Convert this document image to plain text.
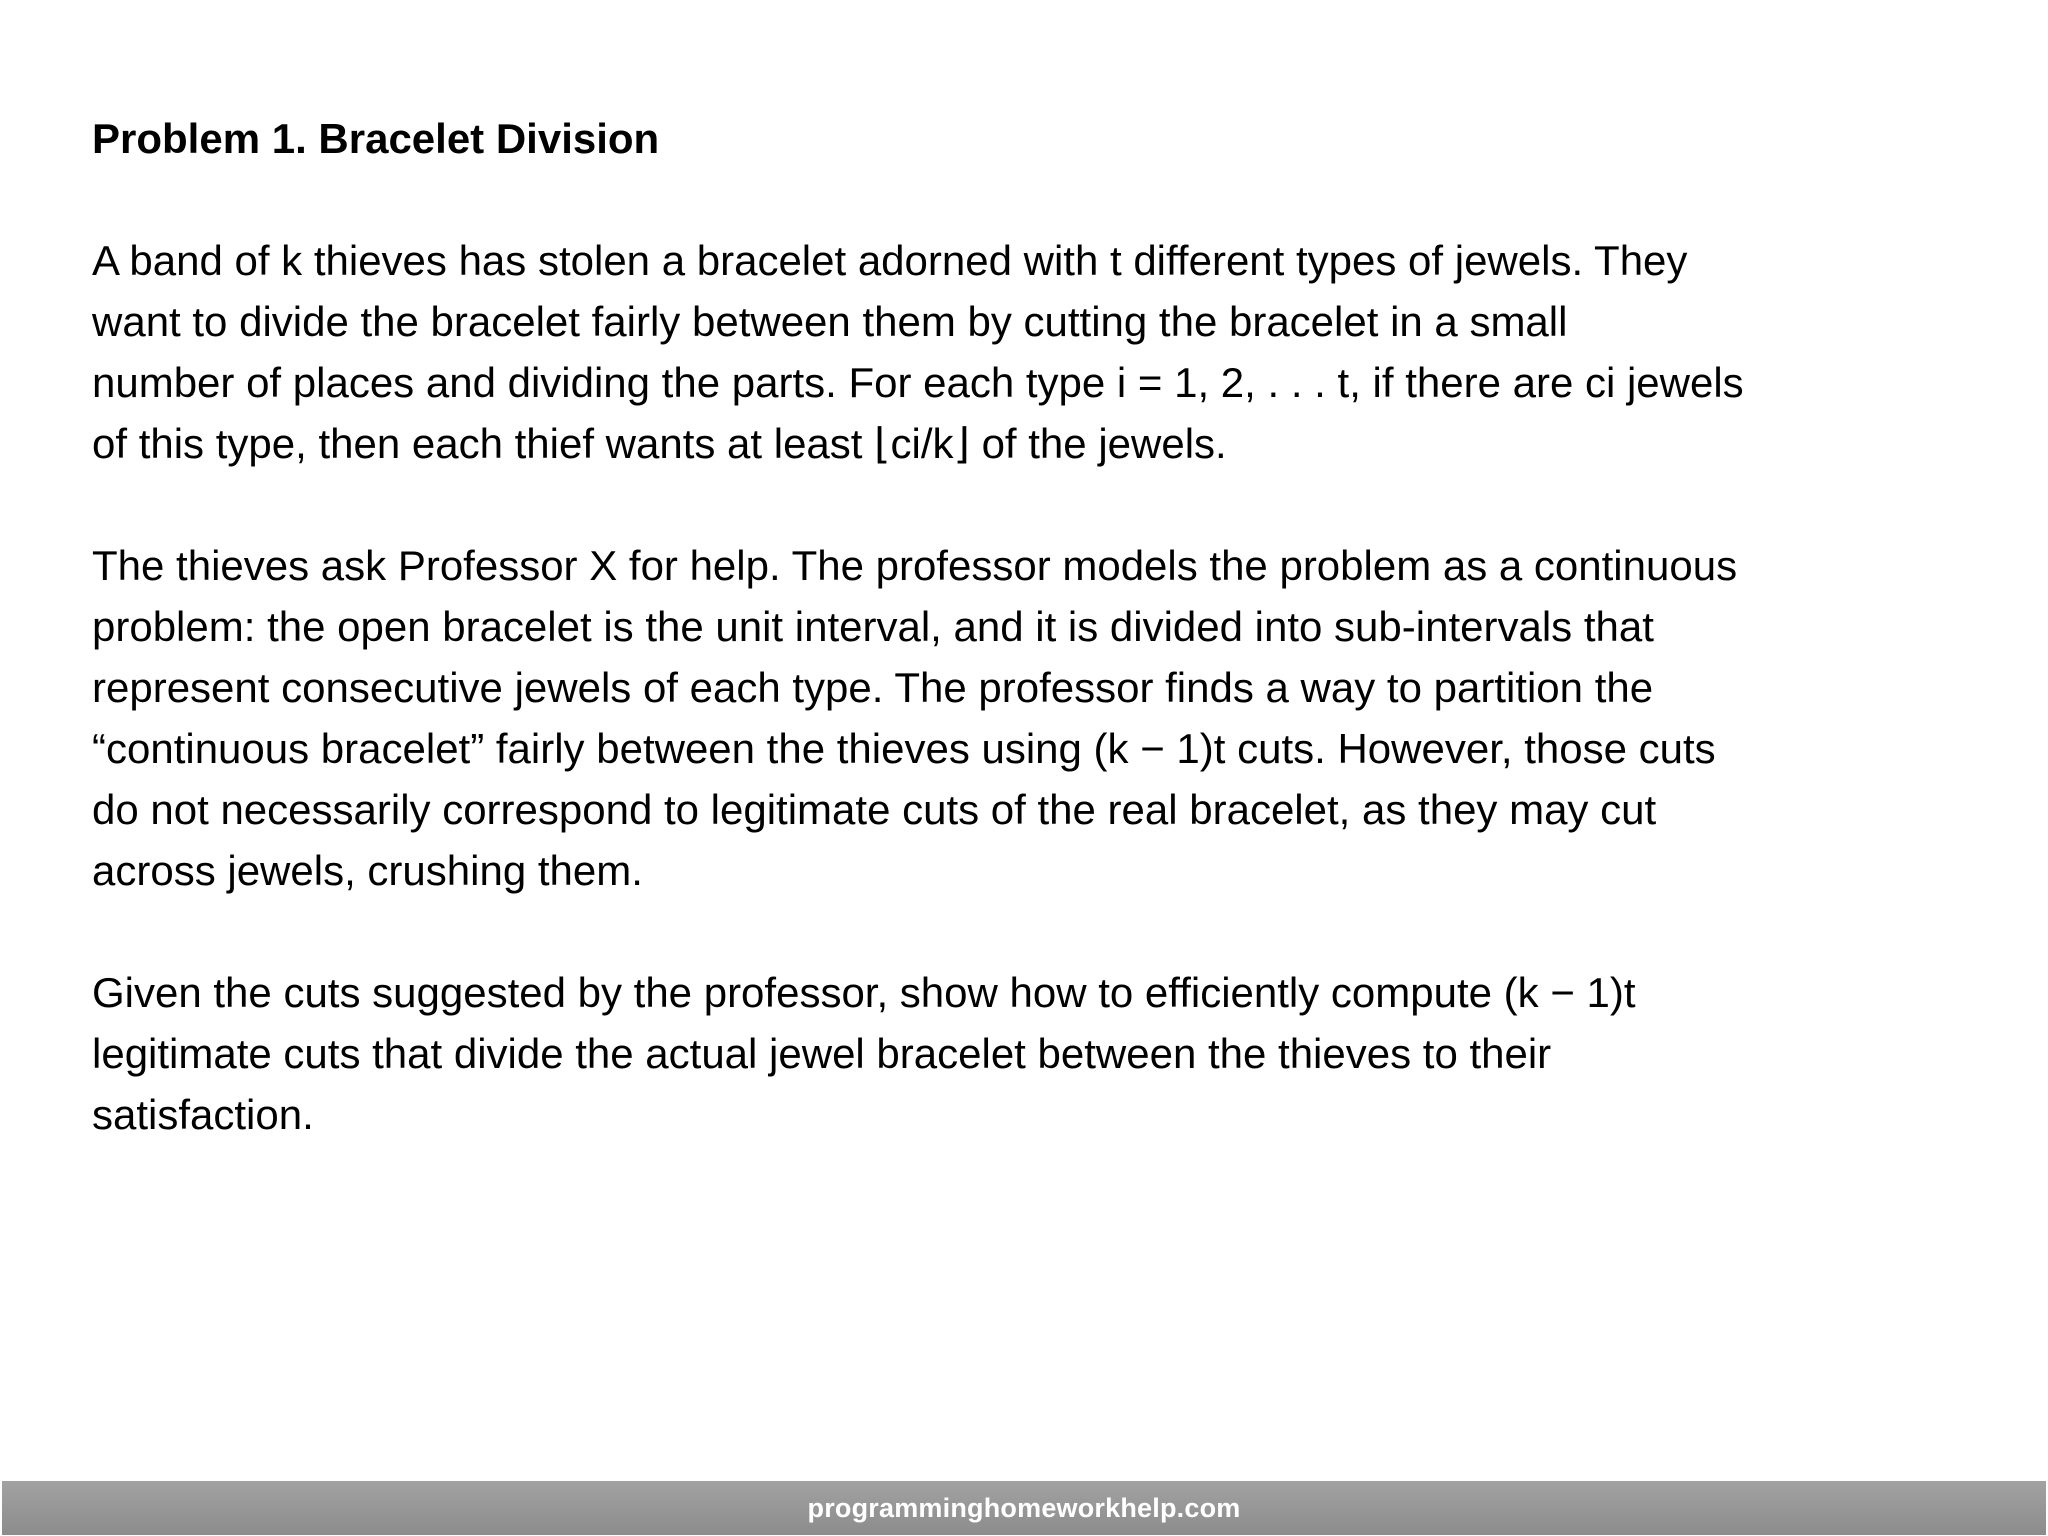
Problem 1. Bracelet Division
A band of k thieves has stolen a bracelet adorned with t different types of jewels. They
want to divide the bracelet fairly between them by cutting the bracelet in a small
number of places and dividing the parts. For each type i = 1, 2, . . . t, if there are ci jewels
of this type, then each thief wants at least ⌊ci/k⌋ of the jewels.
The thieves ask Professor X for help. The professor models the problem as a continuous
problem: the open bracelet is the unit interval, and it is divided into sub-intervals that
represent consecutive jewels of each type. The professor finds a way to partition the
“continuous bracelet” fairly between the thieves using (k − 1)t cuts. However, those cuts
do not necessarily correspond to legitimate cuts of the real bracelet, as they may cut
across jewels, crushing them.
Given the cuts suggested by the professor, show how to efficiently compute (k − 1)t
legitimate cuts that divide the actual jewel bracelet between the thieves to their
satisfaction.
programminghomeworkhelp.com
